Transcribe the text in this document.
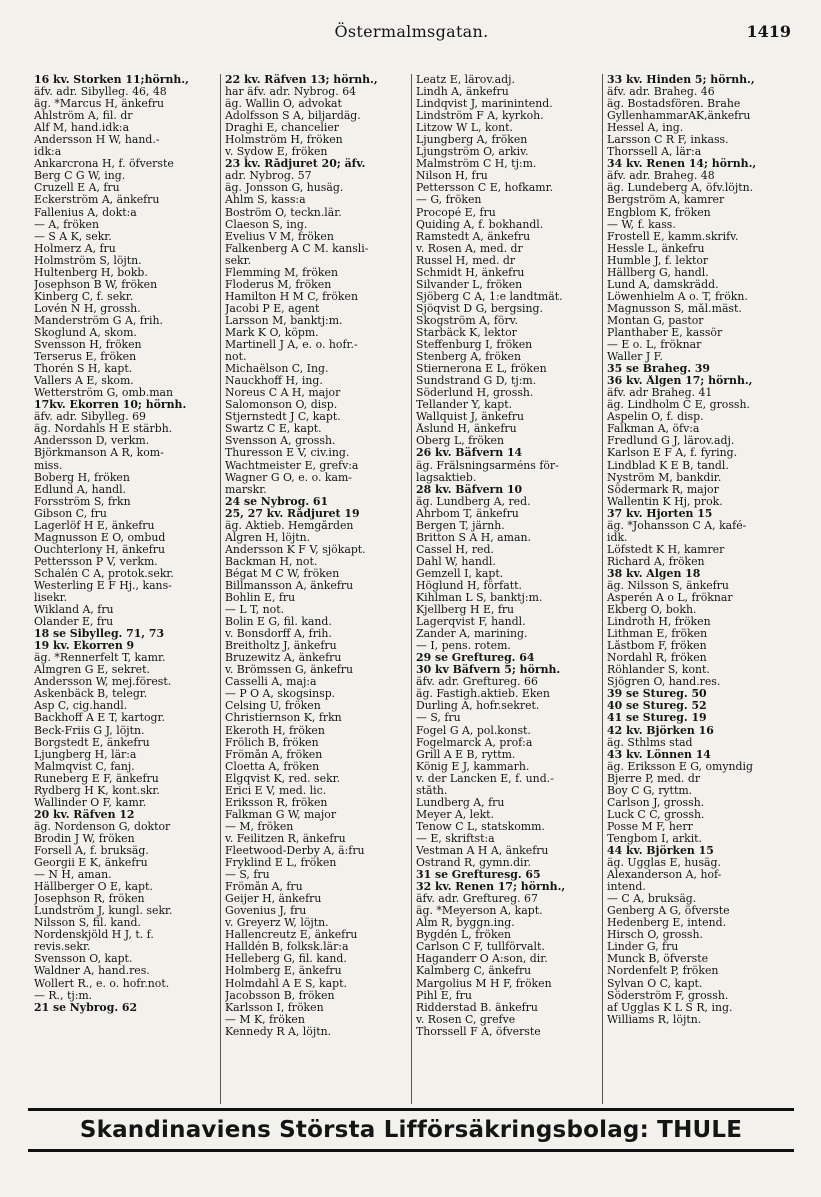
Östermalmsgatan.	1419
16 kv. Storken 11;hörnh.,
äfv. adr. Sibylleg. 46, 48
äg. *Marcus H, änkefru
Ahlström A, fil. dr
Alf M, hand.idk:a
Andersson H W, hand.-
idk:a
Ankarcrona H, f. öfverste
Berg C G W, ing.
Cruzell E A, fru
Eckerström A, änkefru
Fallenius A, dokt:a
— A, fröken
— S A K, sekr.
Holmerz A, fru
Holmström S, löjtn.
Hultenberg H, bokb.
Josephson B W, fröken
Kinberg C, f. sekr.
Lovén N H, grossh.
Manderström G A, frih.
Skoglund A, skom.
Svensson H, fröken
Terserus E, fröken
Thorén S H, kapt.
Vallers A E, skom.
Wetterström G, omb.man
17kv. Ekorren 10; hörnh.
äfv. adr. Sibylleg. 69
äg. Nordahls H E stärbh.
Andersson D, verkm.
Björkmanson A R, kom-
miss.
Boberg H, fröken
Edlund A, handl.
Forsström S, frkn
Gibson C, fru
Lagerlöf H E, änkefru
Magnusson E O, ombud
Ouchterlony H, änkefru
Pettersson P V, verkm.
Schalén C A, protok.sekr.
Westerling E F Hj., kans-
lisekr.
Wikland A, fru
Ölander E, fru
18 se Sibylleg. 71, 73
19 kv. Ekorren 9
äg. *Rennerfelt T, kamr.
Almgren G E, sekret.
Andersson W, mej.förest.
Askenbäck B, telegr.
Asp C, cig.handl.
Backhoff A E T, kartogr.
Beck-Friis G J, löjtn.
Borgstedt E, änkefru
Ljungberg H, lär:a
Malmqvist C, fanj.
Runeberg E F, änkefru
Rydberg H K, kont.skr.
Wallinder O F, kamr.
20 kv. Räfven 12
äg. Nordenson G, doktor
Brodin J W, fröken
Forsell A, f. bruksäg.
Georgii E K, änkefru
— N H, aman.
Hällberger O E, kapt.
Josephson R, fröken
Lundström J, kungl. sekr.
Nilsson S, fil. kand.
Nordenskjöld H J, t. f.
revis.sekr.
Svensson O, kapt.
Waldner A, hand.res.
Wollert R., e. o. hofr.not.
— R., tj:m.
21 se Nybrog. 62
22 kv. Räfven 13; hörnh.,
har äfv. adr. Nybrog. 64
äg. Wallin O, advokat
Adolfsson S A, biljardäg.
Draghi E, chancelier
Holmström H, fröken
v. Sydow E, fröken
23 kv. Rådjuret 20; äfv.
adr. Nybrog. 57
äg. Jonsson G, husäg.
Ahlm S, kass:a
Boström O, teckn.lär.
Claeson S, ing.
Evelius V M, fröken
Falkenberg A C M. kansli-
sekr.
Flemming M, fröken
Floderus M, fröken
Hamilton H M C, fröken
Jacobi P E, agent
Larsson M, banktj:m.
Mark K O, köpm.
Martinell J A, e. o. hofr.-
not.
Michaëlson C, Ing.
Nauckhoff H, ing.
Noreus C A H, major
Salomonson O, disp.
Stjernstedt J C, kapt.
Swartz C E, kapt.
Svensson A, grossh.
Thuresson E V, civ.ing.
Wachtmeister E, grefv:a
Wagner G O, e. o. kam-
marskr.
24 se Nybrog. 61
25, 27 kv. Rådjuret 19
äg. Aktieb. Hemgården
Algren H, löjtn.
Andersson K F V, sjökapt.
Backman H, not.
Bégat M C W, fröken
Billmansson A, änkefru
Bohlin E, fru
— L T, not.
Bolin E G, fil. kand.
v. Bonsdorff A, frih.
Breitholtz J, änkefru
Bruzewitz A, änkefru
v. Brömssen G, änkefru
Casselli A, maj:a
— P O A, skogsinsp.
Celsing U, fröken
Christiernson K, frkn
Ekeroth H, fröken
Frölich B, fröken
Frömån A, fröken
Cloetta A, fröken
Elgqvist K, red. sekr.
Erici E V, med. lic.
Eriksson R, fröken
Falkman G W, major
— M, fröken
v. Feilitzen R, änkefru
Fleetwood-Derby A, ä:fru
Fryklind E L, fröken
— S, fru
Frömån A, fru
Geijer H, änkefru
Govenius J, fru
v. Greyerz W, löjtn.
Hallencreutz E, änkefru
Halldén B, folksk.lär:a
Helleberg G, fil. kand.
Holmberg E, änkefru
Holmdahl A E S, kapt.
Jacobsson B, fröken
Karlsson I, fröken
— M K, fröken
Kennedy R A, löjtn.
Leatz E, lärov.adj.
Lindh A, änkefru
Lindqvist J, marinintend.
Lindström F A, kyrkoh.
Litzow W L, kont.
Ljungberg A, fröken
Ljungström O, arkiv.
Malmström C H, tj:m.
Nilson H, fru
Pettersson C E, hofkamr.
— G, fröken
Procopé E, fru
Quiding A, f. bokhandl.
Ramstedt A, änkefru
v. Rosen A, med. dr
Russel H, med. dr
Schmidt H, änkefru
Silvander L, fröken
Sjöberg C A, 1:e landtmät.
Sjöqvist D G, bergsing.
Skogström A, förv.
Starbäck K, lektor
Steffenburg I, fröken
Stenberg A, fröken
Stiernerona E L, fröken
Sundstrand G D, tj:m.
Söderlund H, grossh.
Tellander Y, kapt.
Wallquist J, änkefru
Åslund H, änkefru
Öberg L, fröken
26 kv. Bäfvern 14
äg. Frälsningsarméns för-
lagsaktieb.
28 kv. Bäfvern 10
äg. Lundberg A, red.
Ahrbom T, änkefru
Bergen T, järnh.
Britton S A H, aman.
Cassel H, red.
Dahl W, handl.
Gemzell I, kapt.
Höglund H, författ.
Kihlman L S, banktj:m.
Kjellberg H E, fru
Lagerqvist F, handl.
Zander A, marining.
— I, pens. rotem.
29 se Greftureg. 64
30 kv Bäfvern 5; hörnh.
äfv. adr. Greftureg. 66
äg. Fastigh.aktieb. Eken
Durling A, hofr.sekret.
— S, fru
Fogel G A, pol.konst.
Fogelmarck A, prof:a
Grill A E B, ryttm.
König E J, kammarh.
v. der Lancken E, f. und.-
ståth.
Lundberg A, fru
Meyer A, lekt.
Tenow C L, statskomm.
— E, skriftst:a
Vestman A H A, änkefru
Östrand R, gymn.dir.
31 se Grefturesg. 65
32 kv. Renen 17; hörnh.,
äfv. adr. Greftureg. 67
äg. *Meyerson A, kapt.
Alm R, byggn.ing.
Bygdén L, fröken
Carlson C F, tullförvalt.
Haganderr O A:son, dir.
Kalmberg C, änkefru
Margolius M H F, fröken
Pihl E, fru
Ridderstad B. änkefru
v. Rosen C, grefve
Thorssell F A, öfverste
33 kv. Hinden 5; hörnh.,
äfv. adr. Braheg. 46
äg. Bostadsfören. Brahe
GyllenhammarAK,änkefru
Hessel A, ing.
Larsson C R F, inkass.
Thorssell A, lär:a
34 kv. Renen 14; hörnh.,
äfv. adr. Braheg. 48
äg. Lundeberg A, öfv.löjtn.
Bergström A, kamrer
Engblom K, fröken
— W, f. kass.
Frostell E, kamm.skrifv.
Hessle L, änkefru
Humble J, f. lektor
Hällberg G, handl.
Lund A, damskrädd.
Löwenhielm A o. T, frökn.
Magnusson S, mål.mäst.
Montan G, pastor
Planthaber E, kassör
— E o. L, fröknar
Waller J F.
35 se Braheg. 39
36 kv. Ålgen 17; hörnh.,
äfv. adr Braheg. 41
äg. Lindholm C E, grossh.
Aspelin O, f. disp.
Falkman A, öfv:a
Fredlund G J, lärov.adj.
Karlson E F A, f. fyring.
Lindblad K E B, tandl.
Nyström M, bankdir.
Södermark R, major
Wallentin K Hj, prok.
37 kv. Hjorten 15
äg. *Johansson C A, kafé-
idk.
Löfstedt K H, kamrer
Richard A, fröken
38 kv. Älgen 18
äg. Nilsson S, änkefru
Asperén A o L, fröknar
Ekberg O, bokh.
Lindroth H, fröken
Lithman E, fröken
Låstbom F, fröken
Nordahl R, fröken
Röhlander S, kont.
Sjögren O, hand.res.
39 se Stureg. 50
40 se Stureg. 52
41 se Stureg. 19
42 kv. Björken 16
äg. Sthlms stad
43 kv. Lönnen 14
äg. Eriksson E G, omyndig
Bjerre P, med. dr
Boy C G, ryttm.
Carlson J, grossh.
Luck C C, grossh.
Posse M F, herr
Tengbom I, arkit.
44 kv. Björken 15
äg. Ugglas E, husäg.
Alexanderson A, hof-
intend.
— C A, bruksäg.
Genberg A G, öfverste
Hedenberg E, intend.
Hirsch O, grossh.
Linder G, fru
Munck B, öfverste
Nordenfelt P, fröken
Sylvan O C, kapt.
Söderström F, grossh.
af Ugglas K L S R, ing.
Williams R, löjtn.
Skandinaviens Största Lifförsäkringsbolag: THULE
